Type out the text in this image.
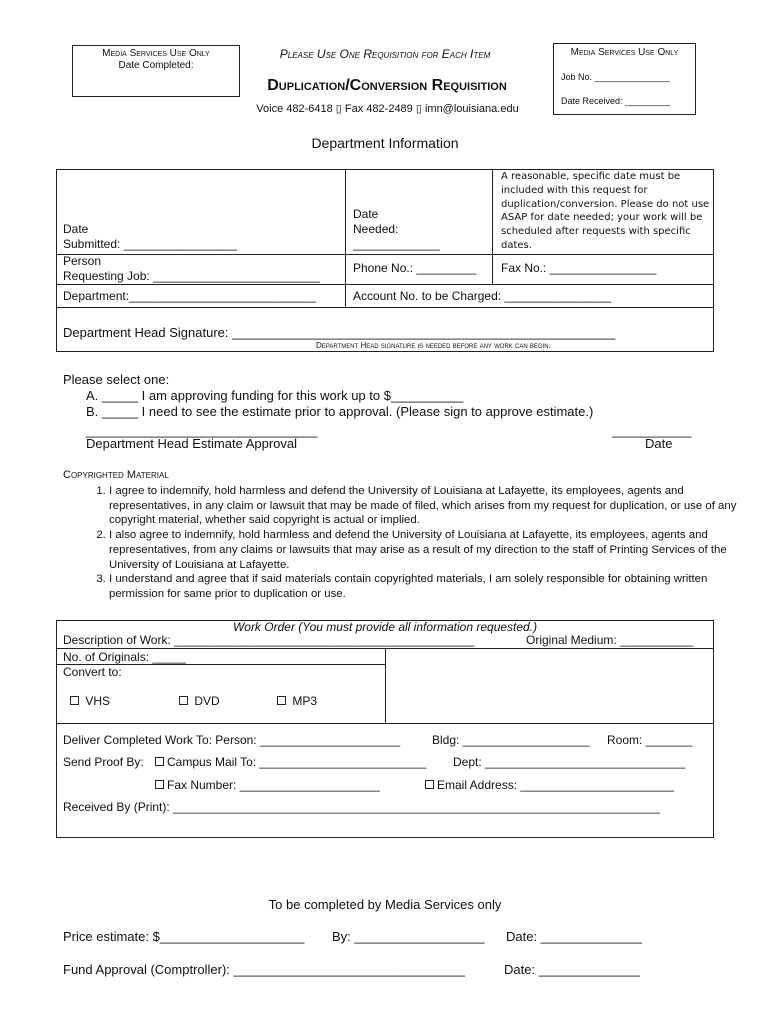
Media Services Use Only
Date Completed:
Please Use One Requisition for Each Item
Duplication/Conversion Requisition
Voice 482-6418 ▯ Fax 482-2489 ▯ imn@louisiana.edu
Media Services Use Only
Job No. _______________
Date Received: _________
Department Information
Date
Submitted: _________________
Date
Needed:
_____________
A reasonable, specific date must be included with this request for duplication/conversion. Please do not use ASAP for date needed; your work will be scheduled after requests with specific dates.
Person
Requesting Job: _________________________
Phone No.: _________ Fax No.: ________________
Department:____________________________	Account No. to be Charged: ________________
Department Head Signature: _____________________________________________________
Department Head signature is needed before any work can begin.
Please select one:
A. _____ I am approving funding for this work up to $__________
B. _____ I need to see the estimate prior to approval. (Please sign to approve estimate.)
________________________________
Department Head Estimate Approval
___________
Date
Copyrighted Material
1. I agree to indemnify, hold harmless and defend the University of Louisiana at Lafayette, its employees, agents and representatives, in any claim or lawsuit that may be made of filed, which arises from my request for duplication, or use of any copyright material, whether said copyright is actual or implied.
2. I also agree to indemnify, hold harmless and defend the University of Louisiana at Lafayette, its employees, agents and representatives, from any claims or lawsuits that may arise as a result of my direction to the staff of Printing Services of the University of Louisiana at Lafayette.
3. I understand and agree that if said materials contain copyrighted materials, I am solely responsible for obtaining written permission for same prior to duplication or use.
Work Order (You must provide all information requested.)
Description of Work: _____________________________________________	Original Medium: ___________
No. of Originals: _____
Convert to:
VHS	DVD	MP3
Deliver Completed Work To: Person: _____________________	Bldg: ___________________ Room: _______
Send Proof By:	Campus Mail To: _________________________ Dept: ______________________________
Fax Number: _____________________	Email Address: _______________________
Received By (Print): _________________________________________________________________________
To be completed by Media Services only
Price estimate: $____________________ By: __________________ Date: ______________
Fund Approval (Comptroller): ________________________________	Date: ______________
